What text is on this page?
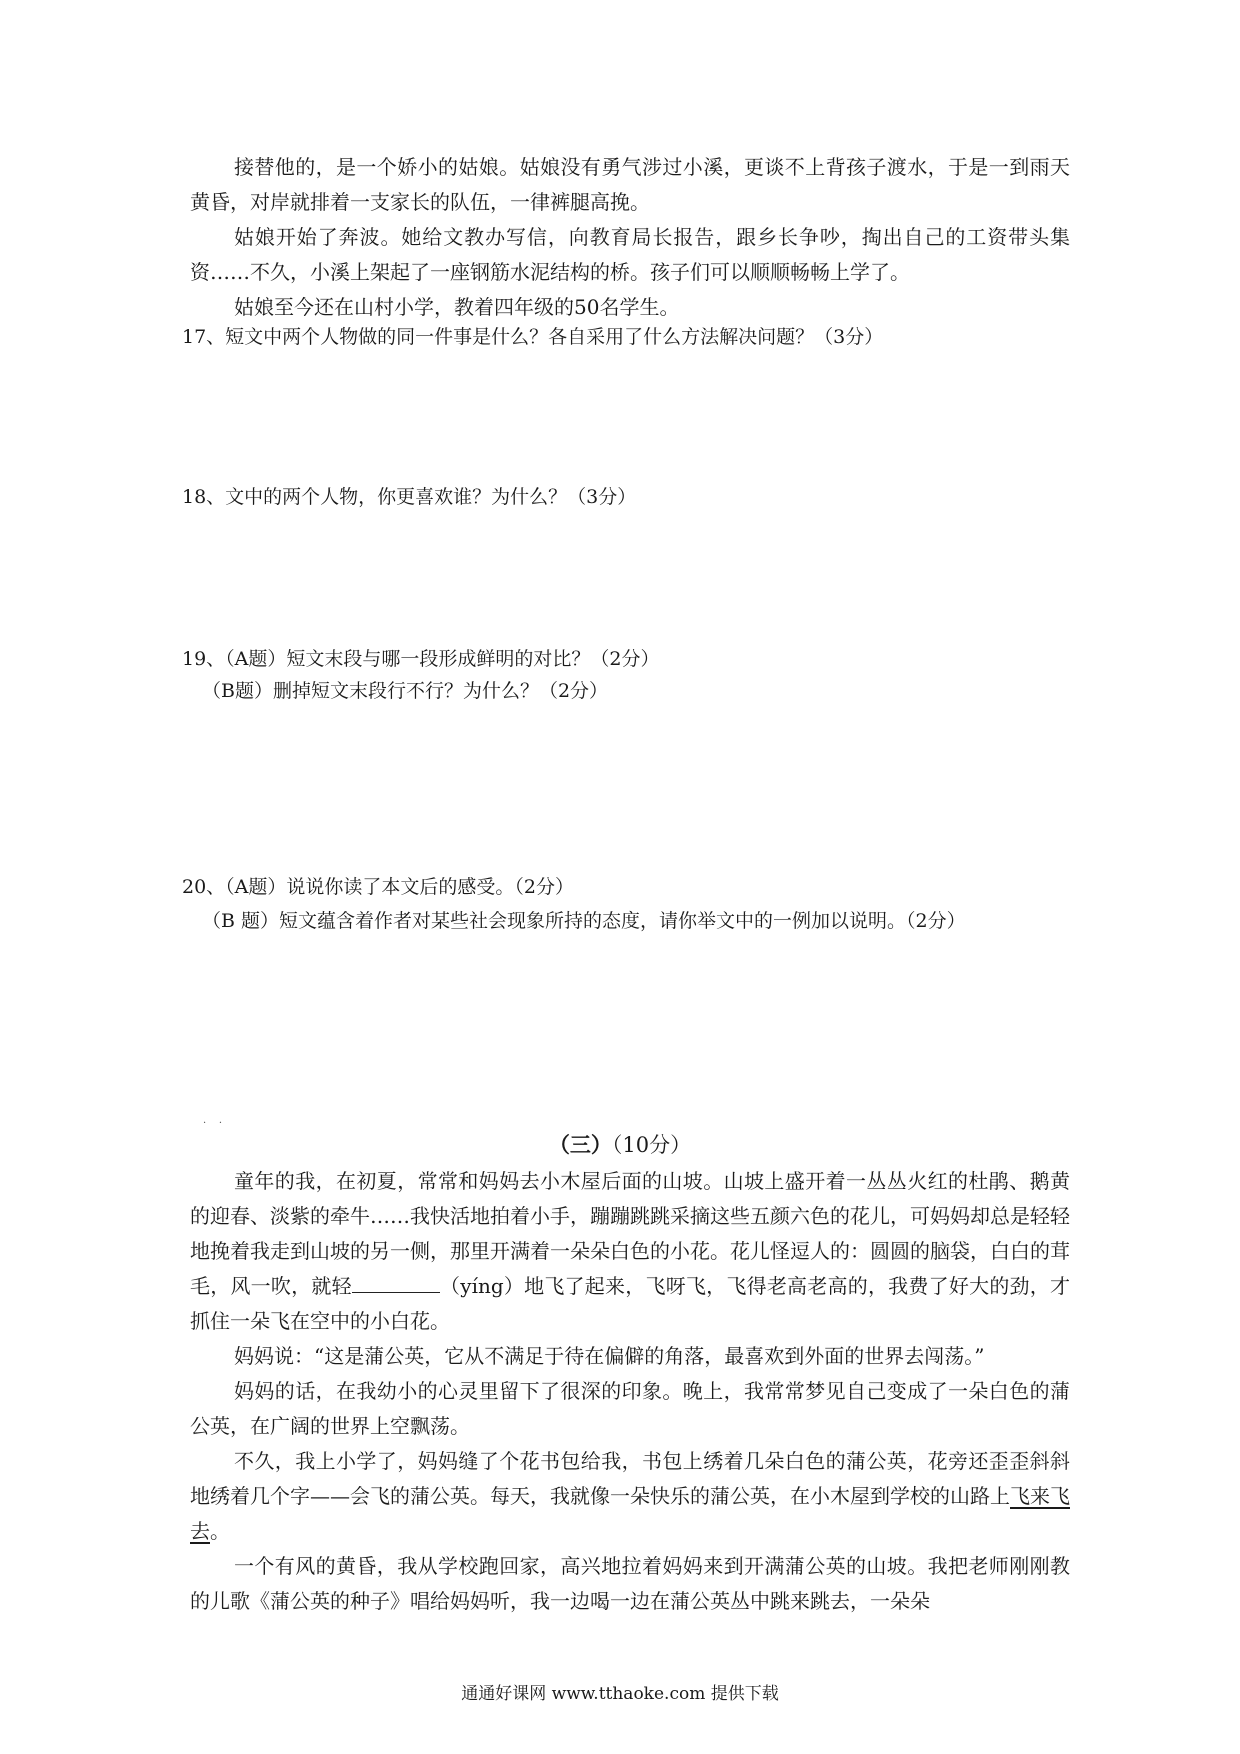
接替他的，是一个娇小的姑娘。姑娘没有勇气涉过小溪，更谈不上背孩子渡水，于是一到雨天黄昏，对岸就排着一支家长的队伍，一律裤腿高挽。

姑娘开始了奔波。她给文教办写信，向教育局长报告，跟乡长争吵，掏出自己的工资带头集资……不久，小溪上架起了一座钢筋水泥结构的桥。孩子们可以顺顺畅畅上学了。

姑娘至今还在山村小学，教着四年级的50名学生。

17、短文中两个人物做的同一件事是什么？各自采用了什么方法解决问题？（3分）

18、文中的两个人物，你更喜欢谁？为什么？（3分）

19、（A题）短文末段与哪一段形成鲜明的对比？（2分）

（B题）删掉短文末段行不行？为什么？（2分）

20、（A题）说说你读了本文后的感受。（2分）

（B 题）短文蕴含着作者对某些社会现象所持的态度，请你举文中的一例加以说明。（2分）

·    ·
（三）（10分）

童年的我，在初夏，常常和妈妈去小木屋后面的山坡。山坡上盛开着一丛丛火红的杜鹃、鹅黄的迎春、淡紫的牵牛……我快活地拍着小手，蹦蹦跳跳采摘这些五颜六色的花儿，可妈妈却总是轻轻地挽着我走到山坡的另一侧，那里开满着一朵朵白色的小花。花儿怪逗人的：圆圆的脑袋，白白的茸毛，风一吹，就轻	（yíng）地飞了起来，飞呀飞，飞得老高老高的，我费了好大的劲，才抓住一朵飞在空中的小白花。

妈妈说：“这是蒲公英，它从不满足于待在偏僻的角落，最喜欢到外面的世界去闯荡。”

妈妈的话，在我幼小的心灵里留下了很深的印象。晚上，我常常梦见自己变成了一朵白色的蒲公英，在广阔的世界上空飘荡。

不久，我上小学了，妈妈缝了个花书包给我，书包上绣着几朵白色的蒲公英，花旁还歪歪斜斜地绣着几个字——会飞的蒲公英。每天，我就像一朵快乐的蒲公英，在小木屋到学校的山路上飞来飞去。

一个有风的黄昏，我从学校跑回家，高兴地拉着妈妈来到开满蒲公英的山坡。我把老师刚刚教的儿歌《蒲公英的种子》唱给妈妈听，我一边喝一边在蒲公英丛中跳来跳去，一朵朵

通通好课网 www.tthaoke.com 提供下载
